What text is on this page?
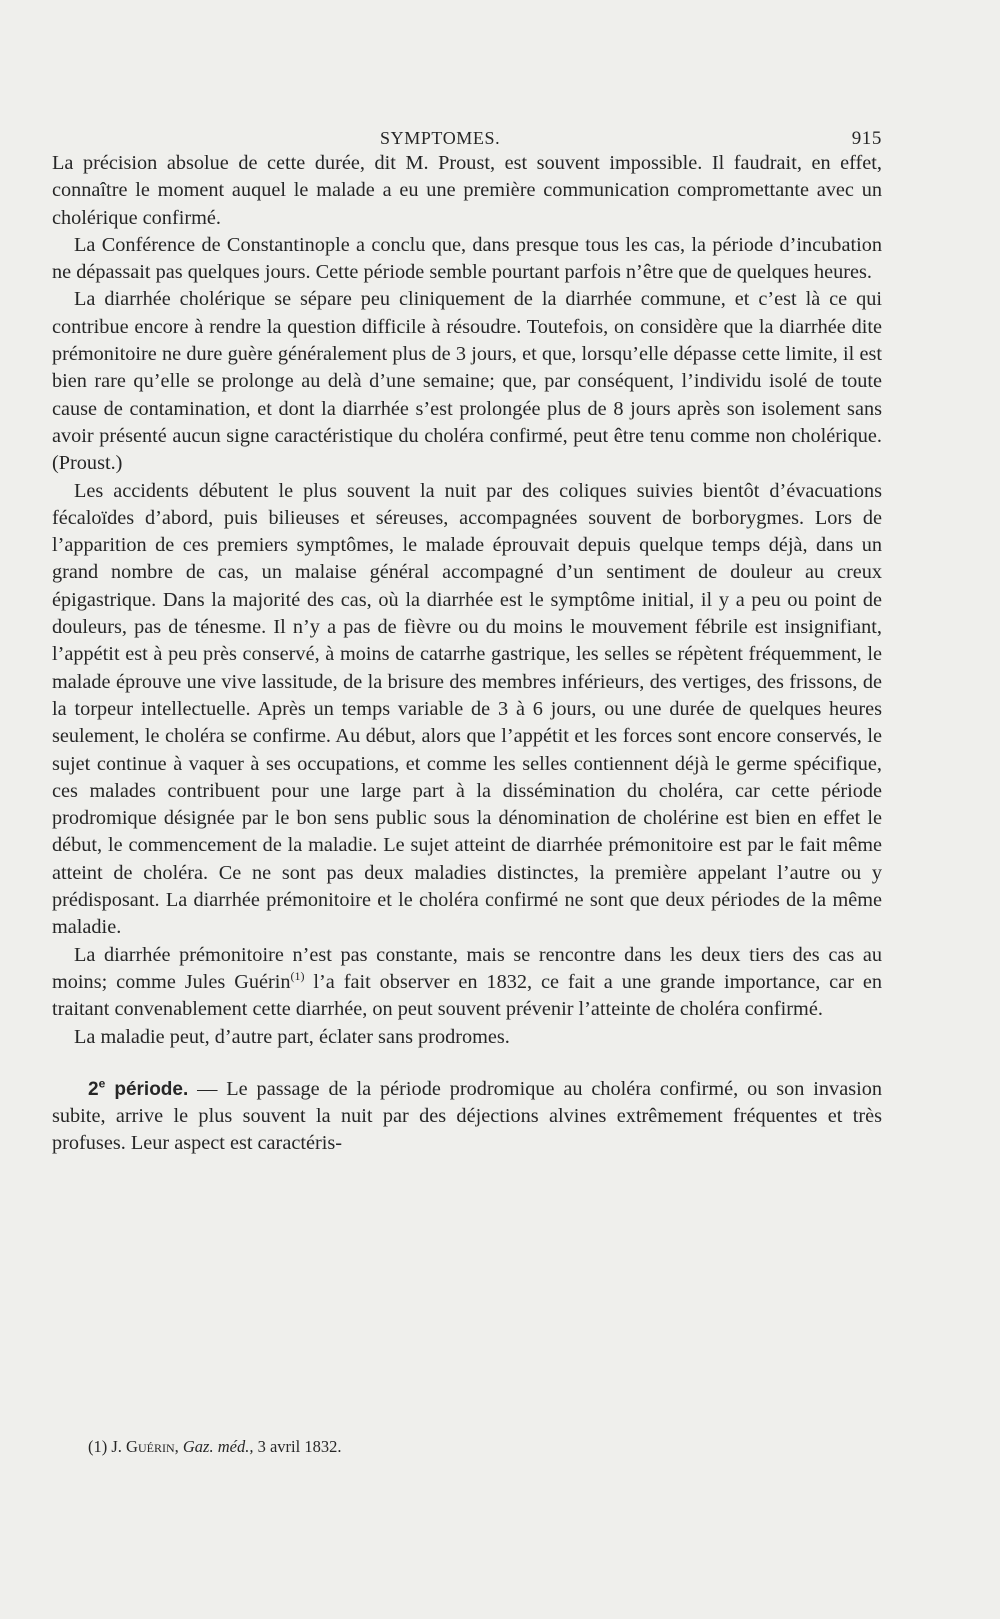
SYMPTOMES.	915

La précision absolue de cette durée, dit M. Proust, est souvent impossible. Il faudrait, en effet, connaître le moment auquel le malade a eu une première communication compromettante avec un cholérique confirmé.

La Conférence de Constantinople a conclu que, dans presque tous les cas, la période d’incubation ne dépassait pas quelques jours. Cette période semble pourtant parfois n’être que de quelques heures.

La diarrhée cholérique se sépare peu cliniquement de la diarrhée commune, et c’est là ce qui contribue encore à rendre la question difficile à résoudre. Toutefois, on considère que la diarrhée dite prémonitoire ne dure guère généralement plus de 3 jours, et que, lorsqu’elle dépasse cette limite, il est bien rare qu’elle se prolonge au delà d’une semaine; que, par conséquent, l’individu isolé de toute cause de contamination, et dont la diarrhée s’est prolongée plus de 8 jours après son isolement sans avoir présenté aucun signe caractéristique du choléra confirmé, peut être tenu comme non cholérique. (Proust.)

Les accidents débutent le plus souvent la nuit par des coliques suivies bientôt d’évacuations fécaloïdes d’abord, puis bilieuses et séreuses, accompagnées souvent de borborygmes. Lors de l’apparition de ces premiers symptômes, le malade éprouvait depuis quelque temps déjà, dans un grand nombre de cas, un malaise général accompagné d’un sentiment de douleur au creux épigastrique. Dans la majorité des cas, où la diarrhée est le symptôme initial, il y a peu ou point de douleurs, pas de ténesme. Il n’y a pas de fièvre ou du moins le mouvement fébrile est insignifiant, l’appétit est à peu près conservé, à moins de catarrhe gastrique, les selles se répètent fréquemment, le malade éprouve une vive lassitude, de la brisure des membres inférieurs, des vertiges, des frissons, de la torpeur intellectuelle. Après un temps variable de 3 à 6 jours, ou une durée de quelques heures seulement, le choléra se confirme. Au début, alors que l’appétit et les forces sont encore conservés, le sujet continue à vaquer à ses occupations, et comme les selles contiennent déjà le germe spécifique, ces malades contribuent pour une large part à la dissémination du choléra, car cette période prodromique désignée par le bon sens public sous la dénomination de cholérine est bien en effet le début, le commencement de la maladie. Le sujet atteint de diarrhée prémonitoire est par le fait même atteint de choléra. Ce ne sont pas deux maladies distinctes, la première appelant l’autre ou y prédisposant. La diarrhée prémonitoire et le choléra confirmé ne sont que deux périodes de la même maladie.

La diarrhée prémonitoire n’est pas constante, mais se rencontre dans les deux tiers des cas au moins; comme Jules Guérin$^{(1)}$ l’a fait observer en 1832, ce fait a une grande importance, car en traitant convenablement cette diarrhée, on peut souvent prévenir l’atteinte de choléra confirmé.

La maladie peut, d’autre part, éclater sans prodromes.

2e période. — Le passage de la période prodromique au choléra confirmé, ou son invasion subite, arrive le plus souvent la nuit par des déjections alvines extrêmement fréquentes et très profuses. Leur aspect est caractéris-

(1) J. Guérin, Gaz. méd., 3 avril 1832.
